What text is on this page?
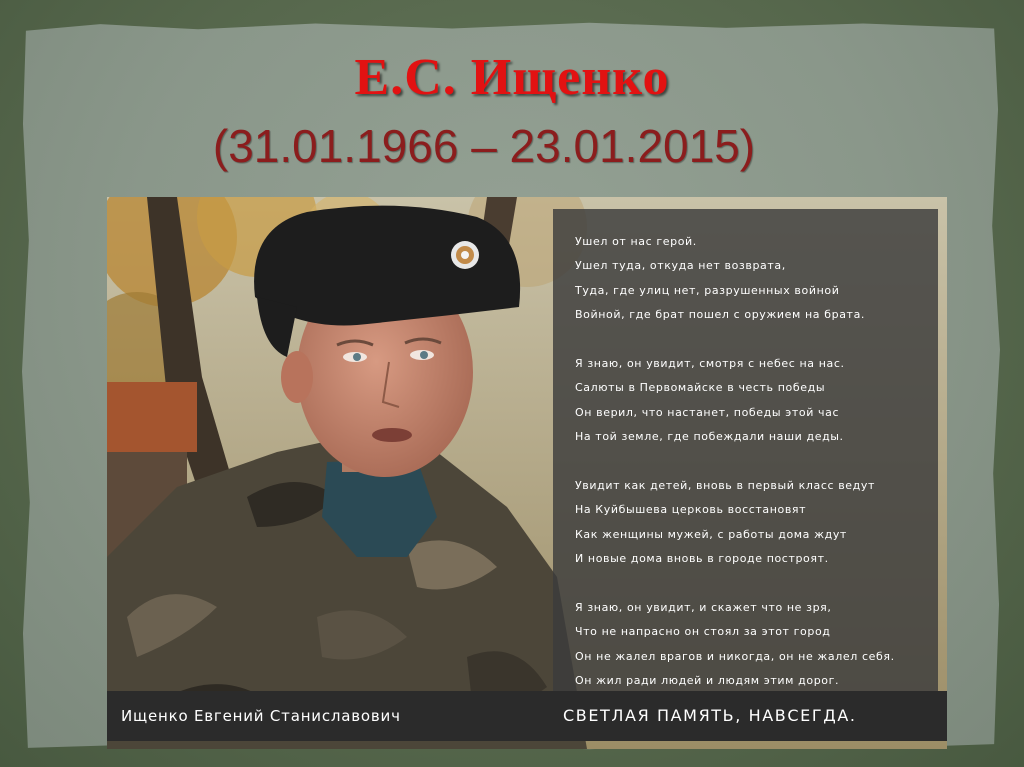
Е.С. Ищенко
(31.01.1966 – 23.01.2015)
Ушел от нас герой.
Ушел туда, откуда нет возврата,
Туда, где улиц нет, разрушенных войной
Войной, где брат пошел с оружием на брата.
Я знаю, он увидит, смотря с небес на нас.
Салюты в Первомайске в честь победы
Он верил, что настанет, победы этой час
На той земле, где побеждали наши деды.
Увидит как детей, вновь в первый класс ведут
На Куйбышева церковь восстановят
Как женщины мужей, с работы дома ждут
И новые дома вновь в городе построят.
Я знаю, он увидит, и скажет что не зря,
Что не напрасно он стоял за этот город
Он не жалел врагов и никогда, он не жалел себя.
Он жил ради людей и людям этим дорог.
Ищенко Евгений Станиславович	СВЕТЛАЯ ПАМЯТЬ, НАВСЕГДА.
